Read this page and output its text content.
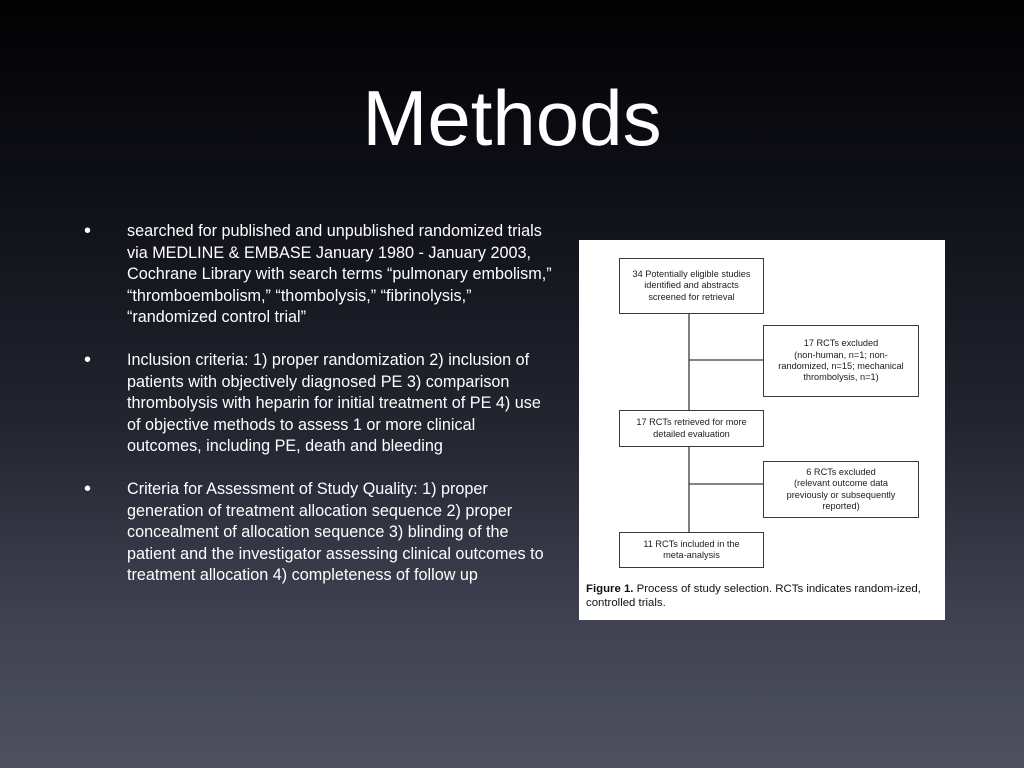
Methods
• searched for published and unpublished randomized trials via MEDLINE & EMBASE January 1980 - January 2003, Cochrane Library with search terms “pulmonary embolism,” “thromboembolism,” “thombolysis,” “fibrinolysis,” “randomized control trial”
• Inclusion criteria: 1) proper randomization 2) inclusion of patients with objectively diagnosed PE 3) comparison thrombolysis with heparin for initial treatment of PE 4) use of objective methods to assess 1 or more clinical outcomes, including PE, death and bleeding
• Criteria for Assessment of Study Quality: 1) proper generation of treatment allocation sequence 2) proper concealment of allocation sequence 3) blinding of the patient and the investigator assessing clinical outcomes to treatment allocation 4) completeness of follow up
34 Potentially eligible studies
identified and abstracts
screened for retrieval
17 RCTs excluded
(non-human, n=1; non-
randomized, n=15; mechanical
thrombolysis, n=1)
17 RCTs retrieved for more
detailed evaluation
6 RCTs excluded
(relevant outcome data
previously or subsequently
reported)
11 RCTs included in the
meta-analysis
Figure 1. Process of study selection. RCTs indicates random-ized, controlled trials.
